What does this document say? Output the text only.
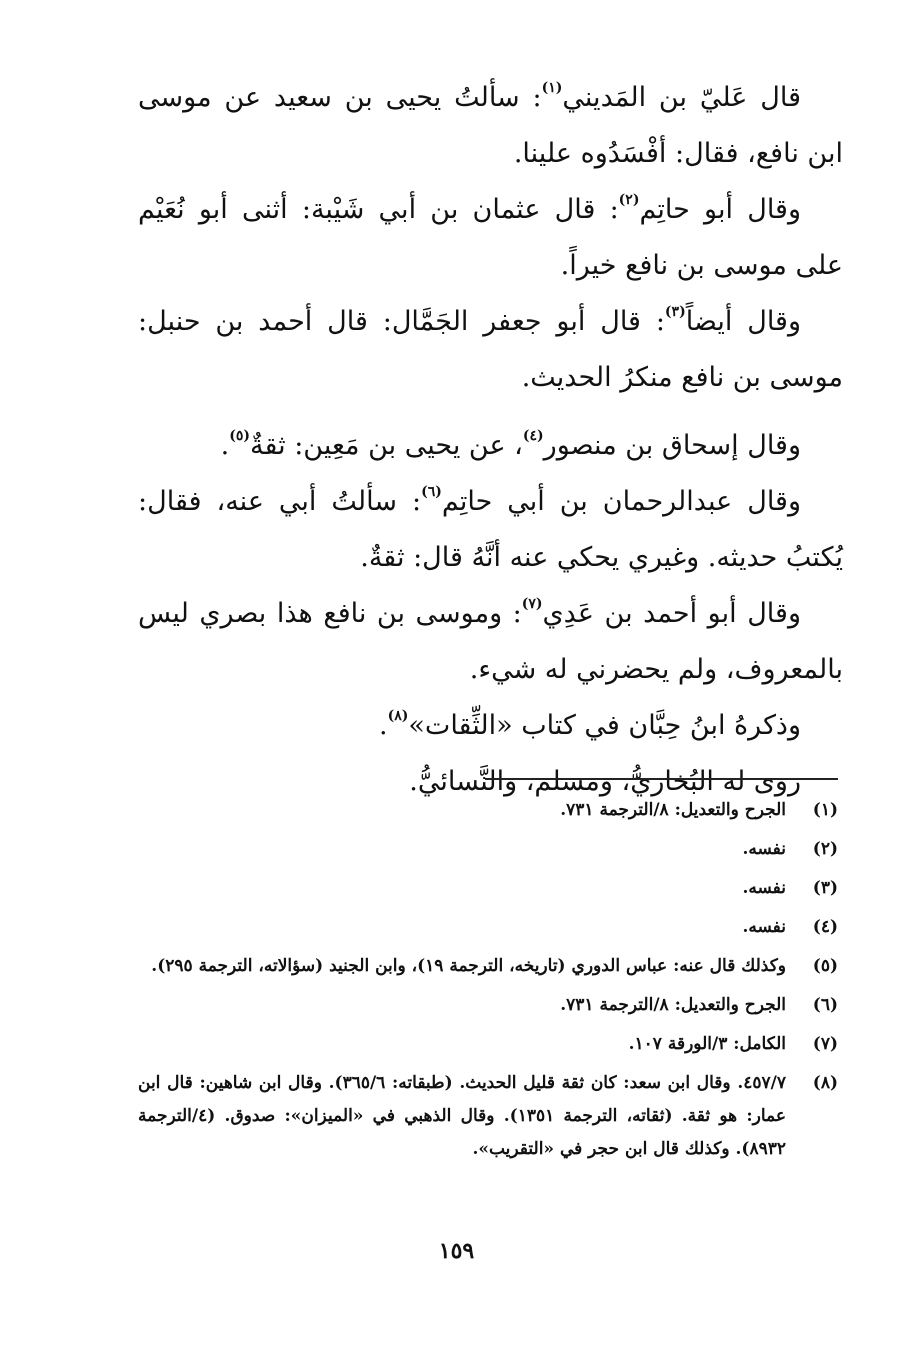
قال عَليّ بن المَديني$^{(١)}$: سألتُ يحيى بن سعيد عن موسى ابن نافع، فقال: أفْسَدُوه علينا.

وقال أبو حاتِم$^{(٢)}$: قال عثمان بن أبي شَيْبة: أثنى أبو نُعَيْم على موسى بن نافع خيراً.

وقال أيضاً$^{(٣)}$: قال أبو جعفر الجَمَّال: قال أحمد بن حنبل: موسى بن نافع منكرُ الحديث.

وقال إسحاق بن منصور$^{(٤)}$، عن يحيى بن مَعِين: ثقةٌ$^{(٥)}$.

وقال عبدالرحمان بن أبي حاتِم$^{(٦)}$: سألتُ أبي عنه، فقال: يُكتبُ حديثه. وغيري يحكي عنه أنَّهُ قال: ثقةٌ.

وقال أبو أحمد بن عَدِي$^{(٧)}$: وموسى بن نافع هذا بصري ليس بالمعروف، ولم يحضرني له شيء.

وذكرهُ ابنُ حِبَّان في كتاب «الثِّقات»$^{(٨)}$.

روى له البُخاريُّ، ومسلم، والنَّسائيُّ.

(١)
الجرح والتعديل: ٨/الترجمة ٧٣١.
(٢)
نفسه.
(٣)
نفسه.
(٤)
نفسه.
(٥)
وكذلك قال عنه: عباس الدوري (تاريخه، الترجمة ١٩)، وابن الجنيد (سؤالاته، الترجمة ٢٩٥).
(٦)
الجرح والتعديل: ٨/الترجمة ٧٣١.
(٧)
الكامل: ٣/الورقة ١٠٧.
(٨)
٤٥٧/٧. وقال ابن سعد: كان ثقة قليل الحديث. (طبقاته: ٣٦٥/٦). وقال ابن شاهين: قال ابن عمار: هو ثقة. (ثقاته، الترجمة ١٣٥١). وقال الذهبي في «الميزان»: صدوق. (٤/الترجمة ٨٩٣٢). وكذلك قال ابن حجر في «التقريب».
١٥٩
